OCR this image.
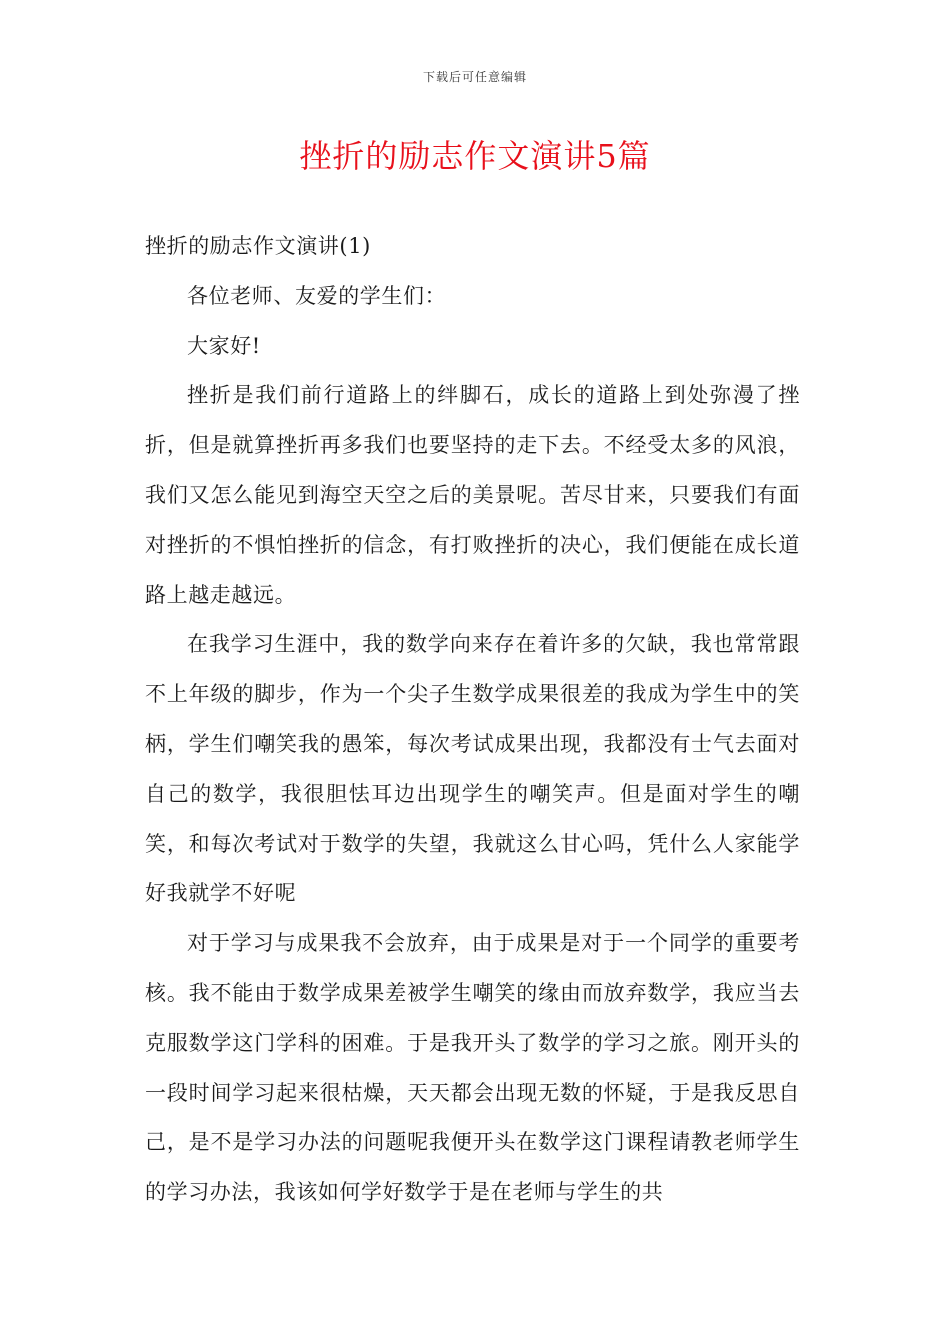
下载后可任意编辑
挫折的励志作文演讲5篇

挫折的励志作文演讲(1)

各位老师、友爱的学生们：

大家好!

挫折是我们前行道路上的绊脚石，成长的道路上到处弥漫了挫折，但是就算挫折再多我们也要坚持的走下去。不经受太多的风浪，我们又怎么能见到海空天空之后的美景呢。苦尽甘来，只要我们有面对挫折的不惧怕挫折的信念，有打败挫折的决心，我们便能在成长道路上越走越远。

在我学习生涯中，我的数学向来存在着许多的欠缺，我也常常跟不上年级的脚步，作为一个尖子生数学成果很差的我成为学生中的笑柄，学生们嘲笑我的愚笨，每次考试成果出现，我都没有士气去面对自己的数学，我很胆怯耳边出现学生的嘲笑声。但是面对学生的嘲笑，和每次考试对于数学的失望，我就这么甘心吗，凭什么人家能学好我就学不好呢

对于学习与成果我不会放弃，由于成果是对于一个同学的重要考核。我不能由于数学成果差被学生嘲笑的缘由而放弃数学，我应当去克服数学这门学科的困难。于是我开头了数学的学习之旅。刚开头的一段时间学习起来很枯燥，天天都会出现无数的怀疑，于是我反思自己，是不是学习办法的问题呢我便开头在数学这门课程请教老师学生的学习办法，我该如何学好数学于是在老师与学生的共
